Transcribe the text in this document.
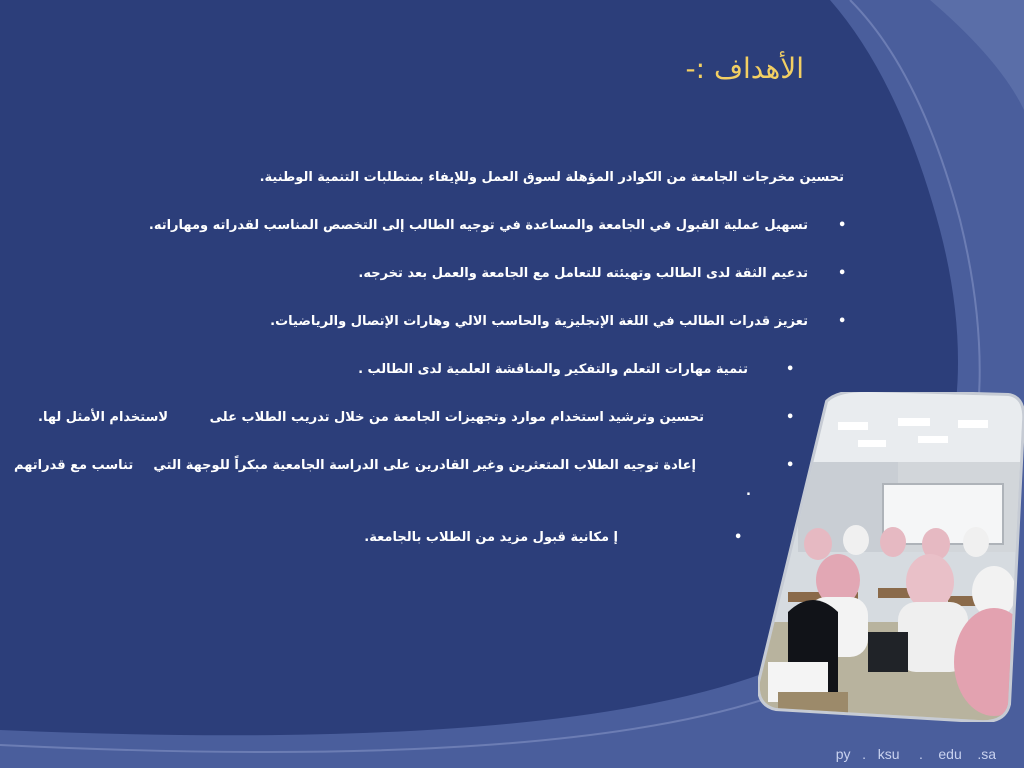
الأهداف :-
تحسين مخرجات الجامعة من الكوادر المؤهلة لسوق العمل وللإيفاء بمتطلبات التنمية الوطنية.
•
تسهيل عملية القبول في الجامعة والمساعدة في توجيه الطالب إلى التخصص المناسب لقدراته ومهاراته.
•
تدعيم الثقة لدى الطالب وتهيئته للتعامل مع الجامعة والعمل بعد تخرجه.
•
تعزيز قدرات الطالب في اللغة الإنجليزية والحاسب الالي وهارات الإتصال والرياضيات.
•
تنمية مهارات التعلم والتفكير والمناقشة العلمية لدى الطالب .
•
تحسين وترشيد استخدام موارد وتجهيزات الجامعة من خلال تدريب الطلاب على
لاستخدام الأمثل لها.
•
إعادة توجيه الطلاب المتعثرين وغير القادرين على الدراسة الجامعية مبكراً للوجهة التي
تناسب مع قدراتهم
.
•
إ مكانية قبول مزيد من الطلاب بالجامعة.
py   .   ksu     .    edu    .sa
